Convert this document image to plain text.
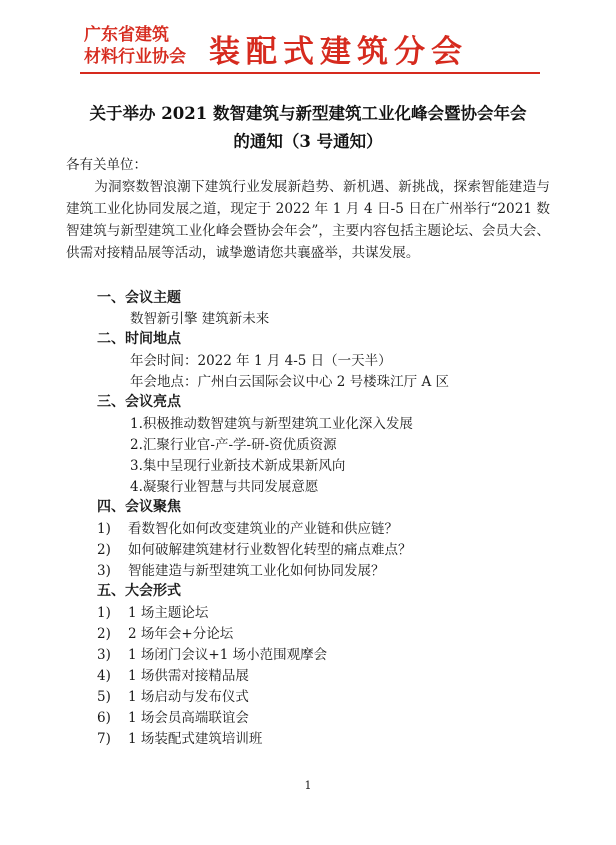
广东省建筑
材料行业协会 装配式建筑分会
关于举办 2021 数智建筑与新型建筑工业化峰会暨协会年会
的通知（3 号通知）
各有关单位：
为洞察数智浪潮下建筑行业发展新趋势、新机遇、新挑战，探索智能建造与建筑工业化协同发展之道，现定于 2022 年 1 月 4 日-5 日在广州举行“2021 数智建筑与新型建筑工业化峰会暨协会年会”，主要内容包括主题论坛、会员大会、供需对接精品展等活动，诚挚邀请您共襄盛举，共谋发展。
一、会议主题
数智新引擎 建筑新未来
二、时间地点
年会时间：2022 年 1 月 4-5 日（一天半）
年会地点：广州白云国际会议中心 2 号楼珠江厅 A 区
三、会议亮点
1.积极推动数智建筑与新型建筑工业化深入发展
2.汇聚行业官-产-学-研-资优质资源
3.集中呈现行业新技术新成果新风向
4.凝聚行业智慧与共同发展意愿
四、会议聚焦
1) 看数智化如何改变建筑业的产业链和供应链？
2) 如何破解建筑建材行业数智化转型的痛点难点？
3) 智能建造与新型建筑工业化如何协同发展？
五、大会形式
1) 1 场主题论坛
2) 2 场年会+分论坛
3) 1 场闭门会议+1 场小范围观摩会
4) 1 场供需对接精品展
5) 1 场启动与发布仪式
6) 1 场会员高端联谊会
7) 1 场装配式建筑培训班
1
